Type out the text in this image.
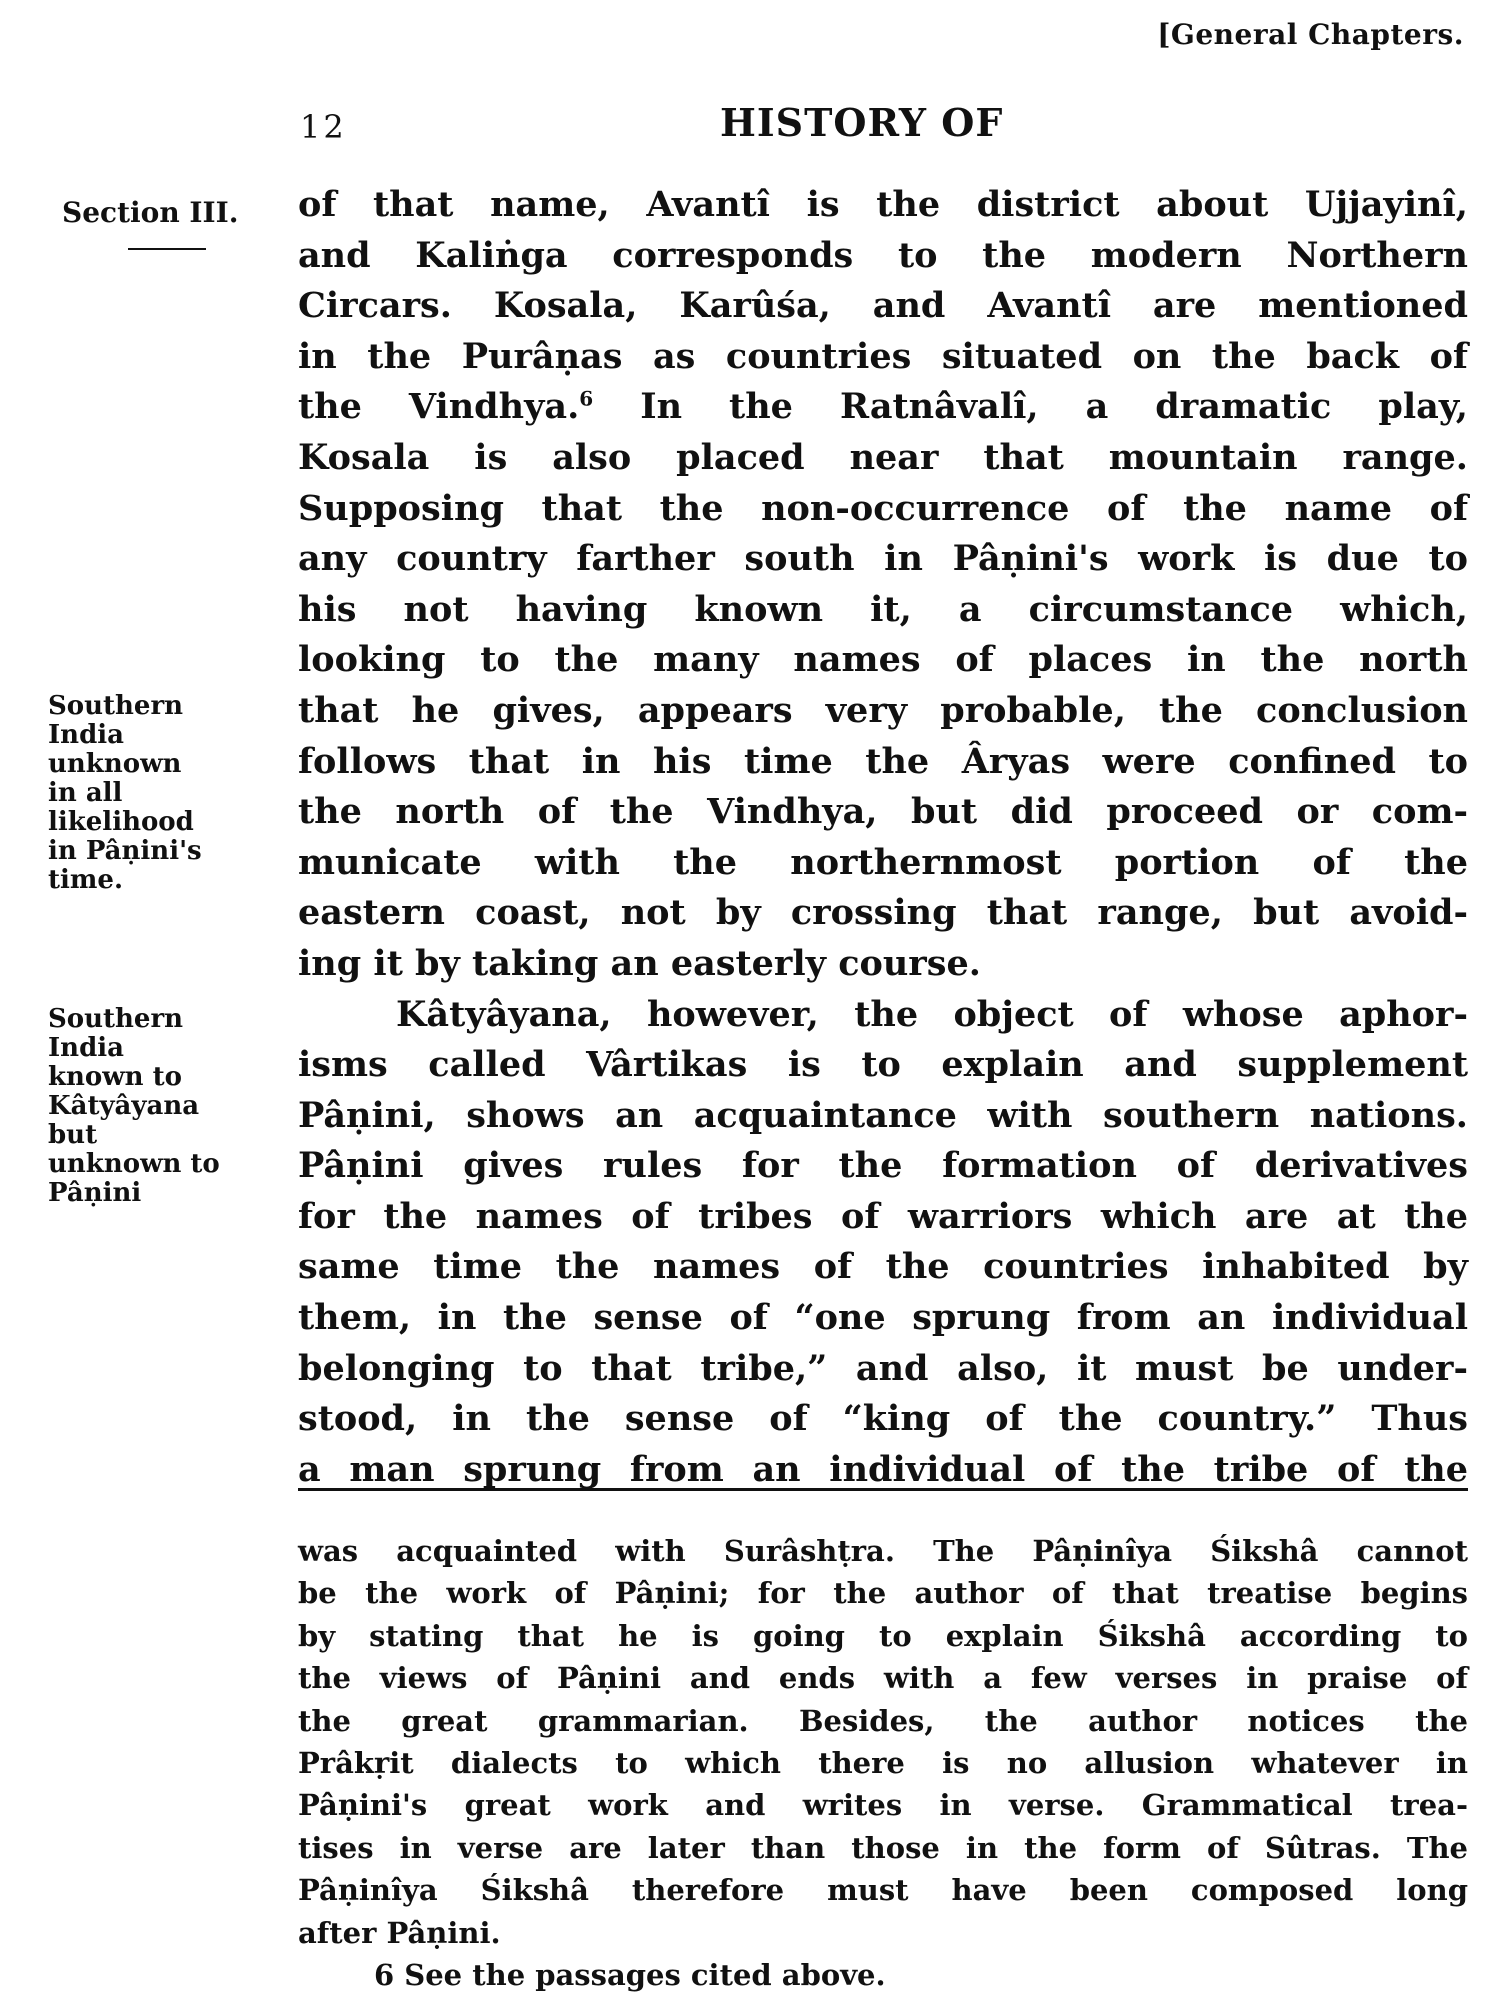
[General Chapters.
12	HISTORY OF
Section III.
Southern
India
unknown
in all
likelihood
in Pâṇini's
time.
Southern
India
known to
Kâtyâyana
but
unknown to
Pâṇini
of that name, Avantî is the district about Ujjayinî,
and Kaliṅga corresponds to the modern Northern
Circars. Kosala, Karûśa, and Avantî are mentioned
in the Purâṇas as countries situated on the back of
the Vindhya.$^6$ In the Ratnâvalî, a dramatic play,
Kosala is also placed near that mountain range.
Supposing that the non-occurrence of the name of
any country farther south in Pâṇini's work is due to
his not having known it, a circumstance which,
looking to the many names of places in the north
that he gives, appears very probable, the conclusion
follows that in his time the Âryas were confined to
the north of the Vindhya, but did proceed or com-
municate with the northernmost portion of the
eastern coast, not by crossing that range, but avoid-
ing it by taking an easterly course.
Kâtyâyana, however, the object of whose aphor-
isms called Vârtikas is to explain and supplement
Pâṇini, shows an acquaintance with southern nations.
Pâṇini gives rules for the formation of derivatives
for the names of tribes of warriors which are at the
same time the names of the countries inhabited by
them, in the sense of “one sprung from an individual
belonging to that tribe,” and also, it must be under-
stood, in the sense of “king of the country.” Thus
a man sprung from an individual of the tribe of the
was acquainted with Surâshṭra. The Pâṇinîya Śikshâ cannot
be the work of Pâṇini; for the author of that treatise begins
by stating that he is going to explain Śikshâ according to
the views of Pâṇini and ends with a few verses in praise of
the great grammarian. Besides, the author notices the
Prâkṛit dialects to which there is no allusion whatever in
Pâṇini's great work and writes in verse. Grammatical trea-
tises in verse are later than those in the form of Sûtras. The
Pâṇinîya Śikshâ therefore must have been composed long
after Pâṇini.
6 See the passages cited above.
